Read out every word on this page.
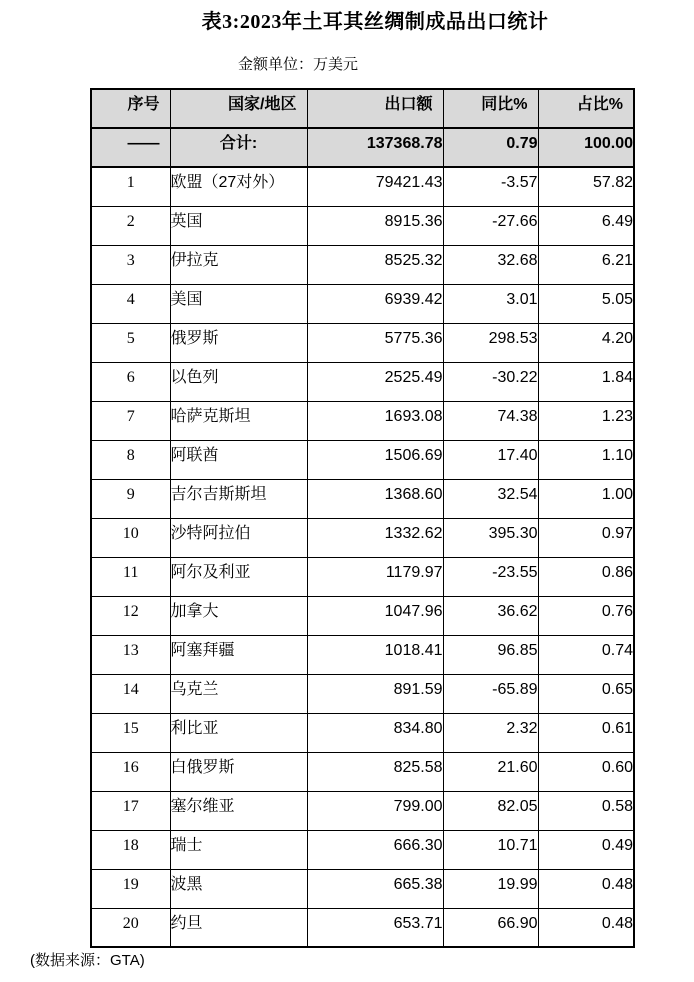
表3:2023年土耳其丝绸制成品出口统计
金额单位：万美元
序号	国家/地区	出口额	同比%	占比%
——	合计:	137368.78	0.79	100.00
1	欧盟（27对外）	79421.43	-3.57	57.82
2	英国	8915.36	-27.66	6.49
3	伊拉克	8525.32	32.68	6.21
4	美国	6939.42	3.01	5.05
5	俄罗斯	5775.36	298.53	4.20
6	以色列	2525.49	-30.22	1.84
7	哈萨克斯坦	1693.08	74.38	1.23
8	阿联酋	1506.69	17.40	1.10
9	吉尔吉斯斯坦	1368.60	32.54	1.00
10	沙特阿拉伯	1332.62	395.30	0.97
11	阿尔及利亚	1179.97	-23.55	0.86
12	加拿大	1047.96	36.62	0.76
13	阿塞拜疆	1018.41	96.85	0.74
14	乌克兰	891.59	-65.89	0.65
15	利比亚	834.80	2.32	0.61
16	白俄罗斯	825.58	21.60	0.60
17	塞尔维亚	799.00	82.05	0.58
18	瑞士	666.30	10.71	0.49
19	波黑	665.38	19.99	0.48
20	约旦	653.71	66.90	0.48
(数据来源：GTA)
